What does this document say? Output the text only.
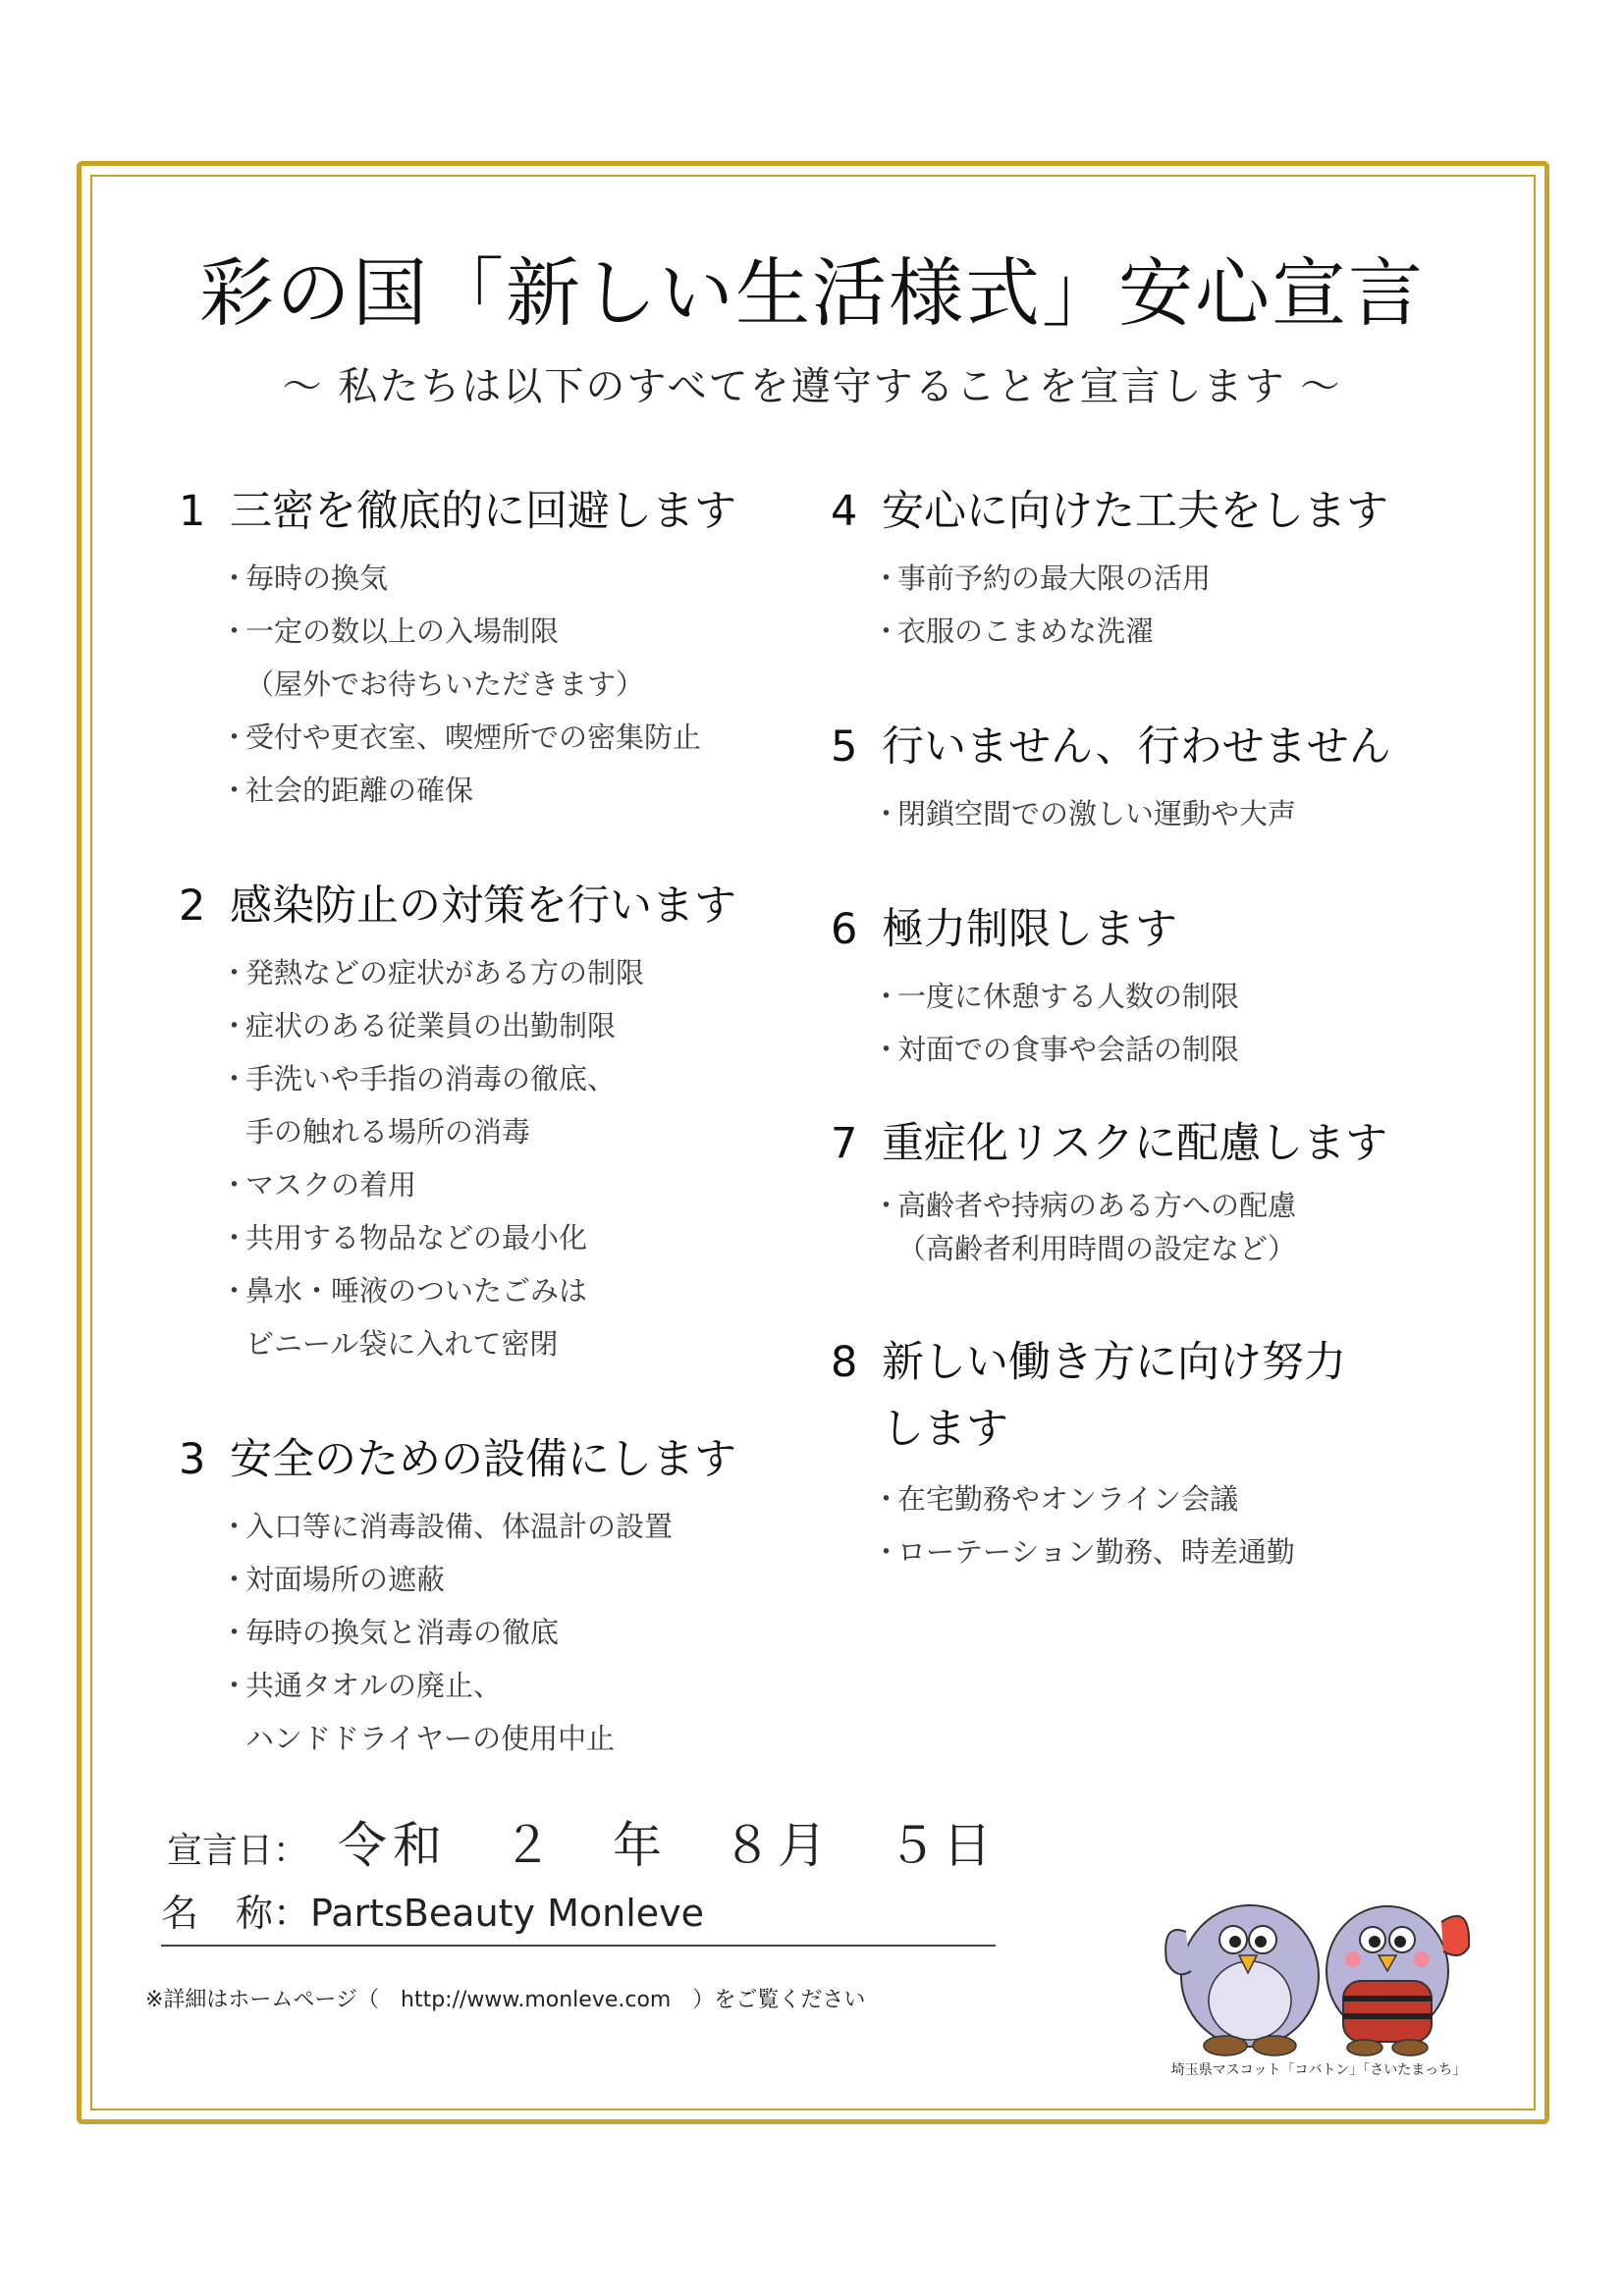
彩の国「新しい生活様式」安心宣言
～ 私たちは以下のすべてを遵守することを宣言します ～
1 三密を徹底的に回避します
・
毎時の換気
・
一定の数以上の入場制限
（屋外でお待ちいただきます）
・
受付や更衣室、喫煙所での密集防止
・
社会的距離の確保
2 感染防止の対策を行います
・
発熱などの症状がある方の制限
・
症状のある従業員の出勤制限
・
手洗いや手指の消毒の徹底、
手の触れる場所の消毒
・
マスクの着用
・
共用する物品などの最小化
・
鼻水・唾液のついたごみは
ビニール袋に入れて密閉
3 安全のための設備にします
・
入口等に消毒設備、体温計の設置
・
対面場所の遮蔽
・
毎時の換気と消毒の徹底
・
共通タオルの廃止、
ハンドドライヤーの使用中止
4 安心に向けた工夫をします
・
事前予約の最大限の活用
・
衣服のこまめな洗濯
5 行いません、行わせません
・
閉鎖空間での激しい運動や大声
6 極力制限します
・
一度に休憩する人数の制限
・
対面での食事や会話の制限
7 重症化リスクに配慮します
・
高齢者や持病のある方への配慮
（高齢者利用時間の設定など）
8 新しい働き方に向け努力
します
・
在宅勤務やオンライン会議
・
ローテーション勤務、時差通勤
宣言日： 令和　２　年　８月　５日
名　称：PartsBeauty Monleve
※詳細はホームページ（　http://www.monleve.com　）をご覧ください
埼玉県マスコット「コバトン」「さいたまっち」
